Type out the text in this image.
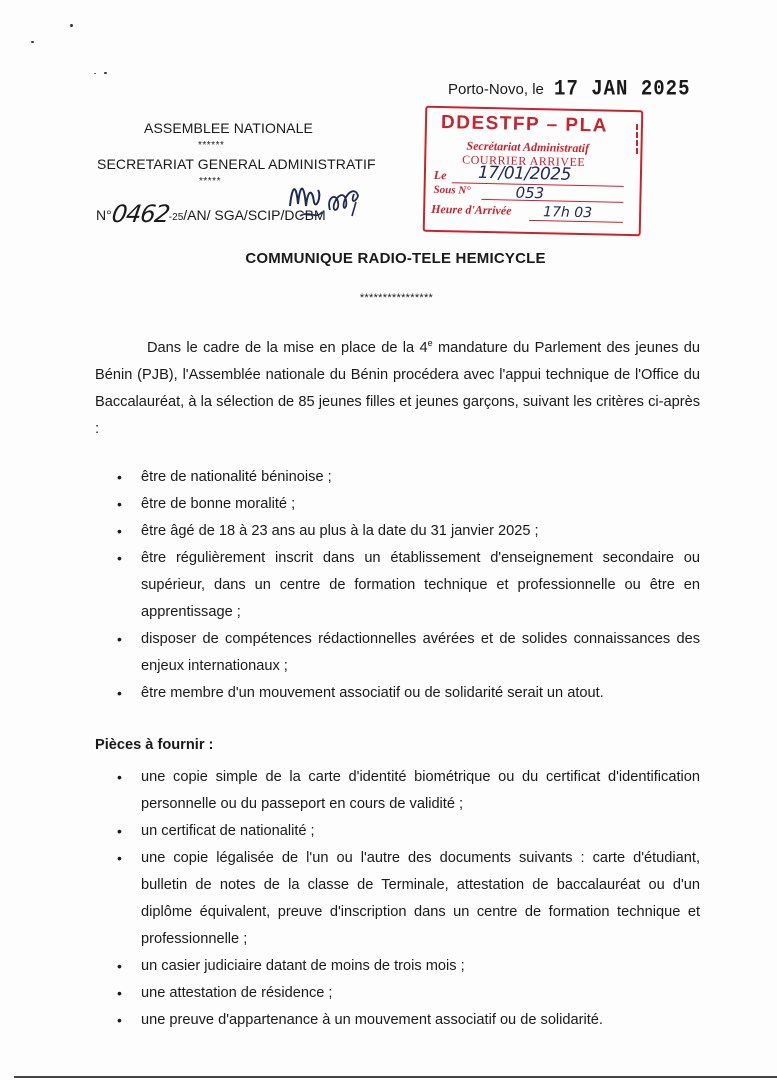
Porto-Novo, le 17 JAN 2025
ASSEMBLEE NATIONALE
******
SECRETARIAT GENERAL ADMINISTRATIF
*****
N°0462-25/AN/ SGA/SCIP/DCBM
DDESTFP – PLA
Secrétariat Administratif
COURRIER ARRIVEE
Le
Sous N°
Heure d'Arrivée
17/01/2025
053
17h 03
COMMUNIQUE RADIO-TELE HEMICYCLE
****************
Dans le cadre de la mise en place de la 4e mandature du Parlement des jeunes du Bénin (PJB), l'Assemblée nationale du Bénin procédera avec l'appui technique de l'Office du Baccalauréat, à la sélection de 85 jeunes filles et jeunes garçons, suivant les critères ci-après :
• être de nationalité béninoise ;
• être de bonne moralité ;
• être âgé de 18 à 23 ans au plus à la date du 31 janvier 2025 ;
• être régulièrement inscrit dans un établissement d'enseignement secondaire ou supérieur, dans un centre de formation technique et professionnelle ou être en apprentissage ;
• disposer de compétences rédactionnelles avérées et de solides connaissances des enjeux internationaux ;
• être membre d'un mouvement associatif ou de solidarité serait un atout.
Pièces à fournir :
• une copie simple de la carte d'identité biométrique ou du certificat d'identification personnelle ou du passeport en cours de validité ;
• un certificat de nationalité ;
• une copie légalisée de l'un ou l'autre des documents suivants : carte d'étudiant, bulletin de notes de la classe de Terminale, attestation de baccalauréat ou d'un diplôme équivalent, preuve d'inscription dans un centre de formation technique et professionnelle ;
• un casier judiciaire datant de moins de trois mois ;
• une attestation de résidence ;
• une preuve d'appartenance à un mouvement associatif ou de solidarité.
